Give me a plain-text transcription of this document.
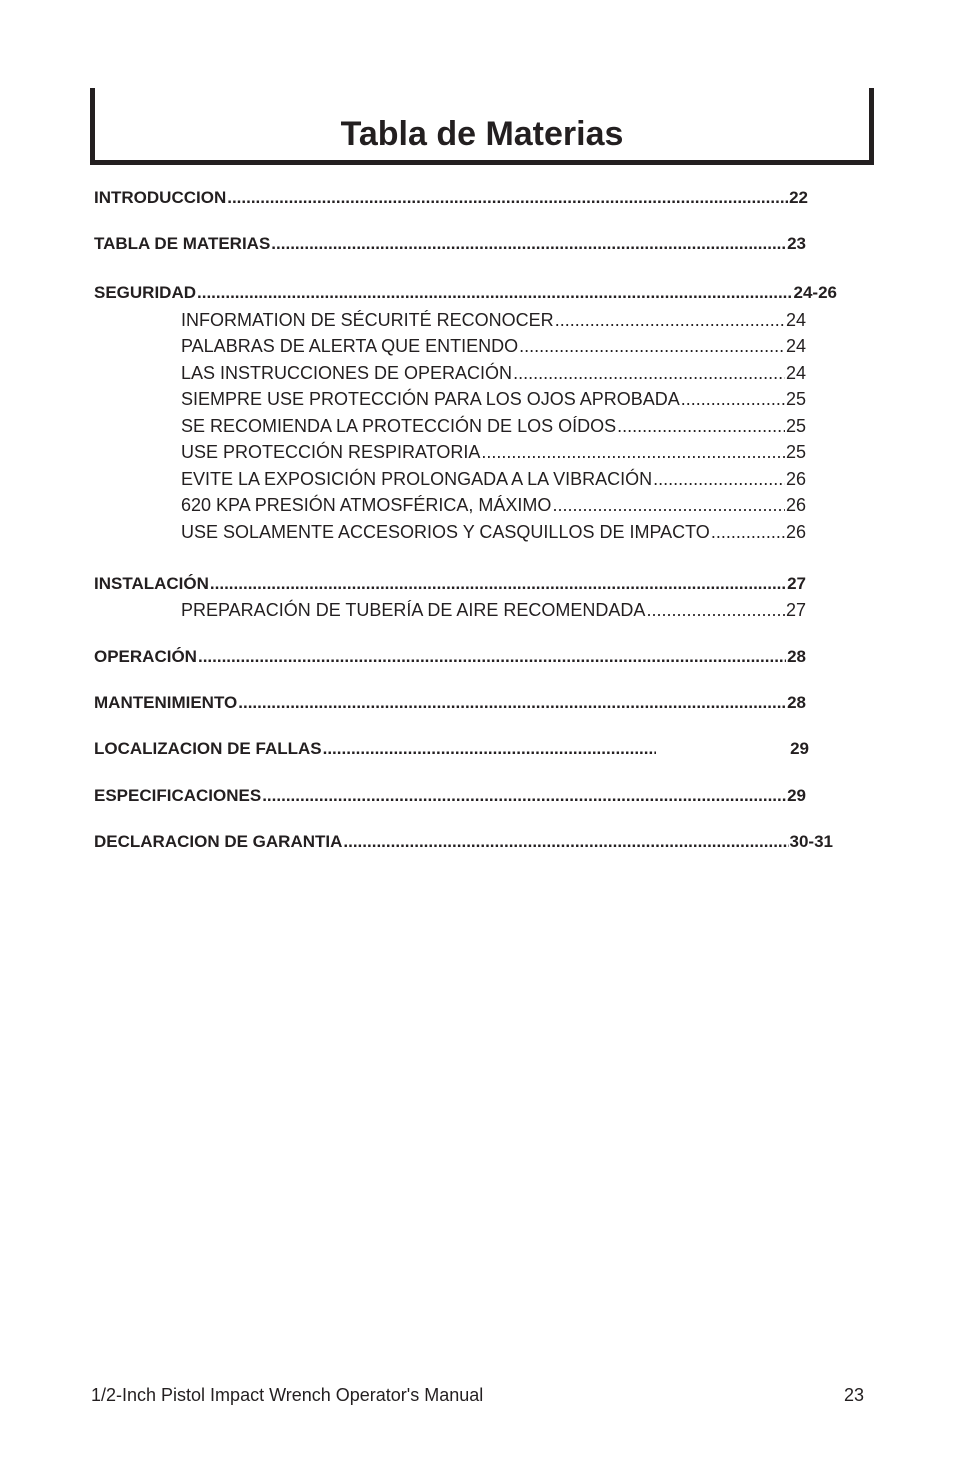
Tabla de Materias
INTRODUCCION .....	22
TABLA DE MATERIAS .....	23
SEGURIDAD .....	24-26
INFORMATION DE SÉCURITÉ RECONOCER .....	24
PALABRAS DE ALERTA QUE ENTIENDO .....	24
LAS INSTRUCCIONES DE OPERACIÓN .....	24
SIEMPRE USE PROTECCIÓN PARA LOS OJOS APROBADA .....	25
SE RECOMIENDA LA PROTECCIÓN DE LOS OÍDOS .....	25
USE PROTECCIÓN RESPIRATORIA .....	25
EVITE LA EXPOSICIÓN PROLONGADA A LA VIBRACIÓN .....	26
620 KPA PRESIÓN ATMOSFÉRICA, MÁXIMO .....	26
USE SOLAMENTE ACCESORIOS Y CASQUILLOS DE IMPACTO .....	26
INSTALACIÓN .....	27
PREPARACIÓN DE TUBERÍA DE AIRE RECOMENDADA .....	27
OPERACIÓN .....	28
MANTENIMIENTO .....	28
LOCALIZACION DE FALLAS .....	29
ESPECIFICACIONES .....	29
DECLARACION DE GARANTIA .....	30-31
1/2-Inch Pistol Impact Wrench Operator's Manual	23
